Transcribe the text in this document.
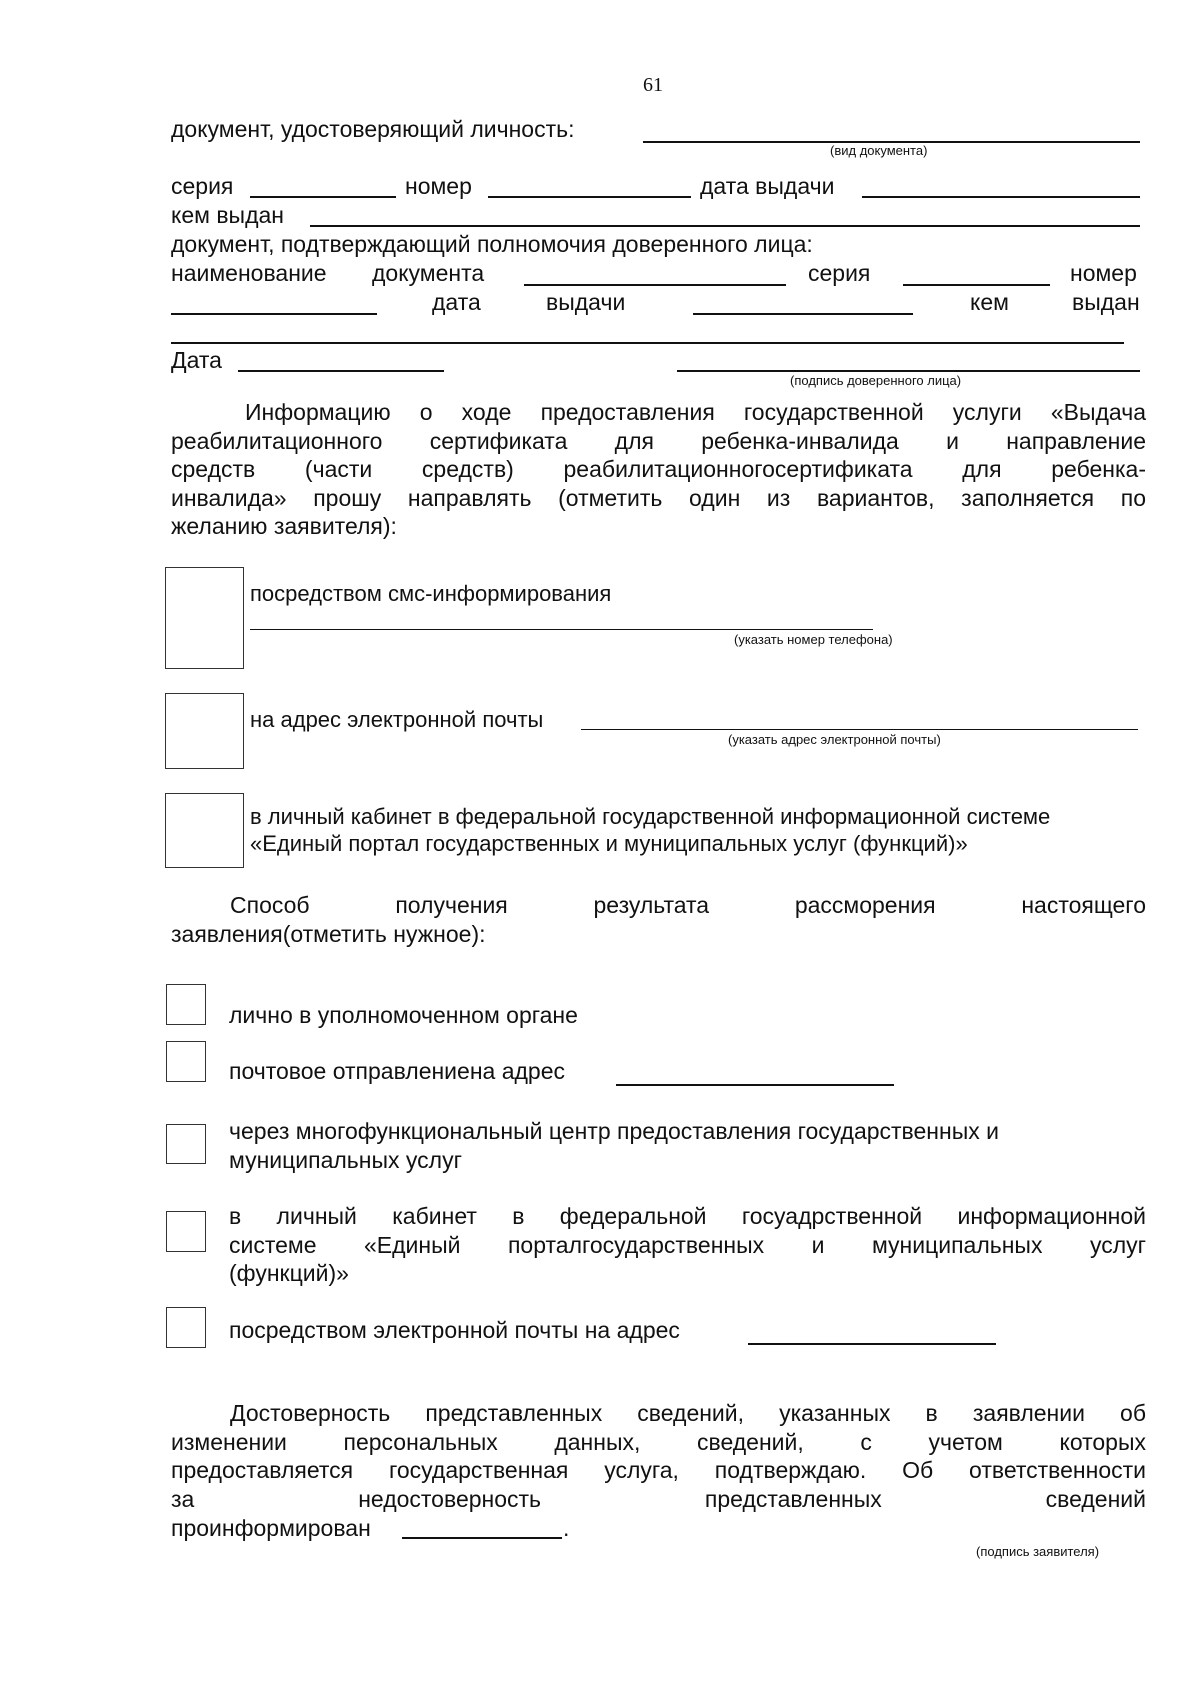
61
документ, удостоверяющий личность:
(вид документа)
серия	номер	дата выдачи
кем выдан
документ, подтверждающий полномочия доверенного лица:
наименование документа	серия	номер
дата	выдачи	кем	выдан
Дата
(подпись доверенного лица)
Информацию о ходе предоставления государственной услуги «Выдача
реабилитационного сертификата для ребенка-инвалида и направление
средств (части средств) реабилитационногосертификата для ребенка-
инвалида» прошу направлять (отметить один из вариантов, заполняется по
желанию заявителя):
посредством смс-информирования
(указать номер телефона)
на адрес электронной почты
(указать адрес электронной почты)
в личный кабинет в федеральной государственной информационной системе
«Единый портал государственных и муниципальных услуг (функций)»
Способ получения результата рассморения настоящего
заявления(отметить нужное):
лично в уполномоченном органе
почтовое отправлениена адрес
через многофункциональный центр предоставления государственных и
муниципальных услуг
в личный кабинет в федеральной госуадрственной информационной
системе «Единый порталгосударственных и муниципальных услуг
(функций)»
посредством электронной почты на адрес
Достоверность представленных сведений, указанных в заявлении об
изменении персональных данных, сведений, с учетом которых
предоставляется государственная услуга, подтверждаю. Об ответственности
за недостоверность представленных сведений
проинформирован	.
(подпись заявителя)
